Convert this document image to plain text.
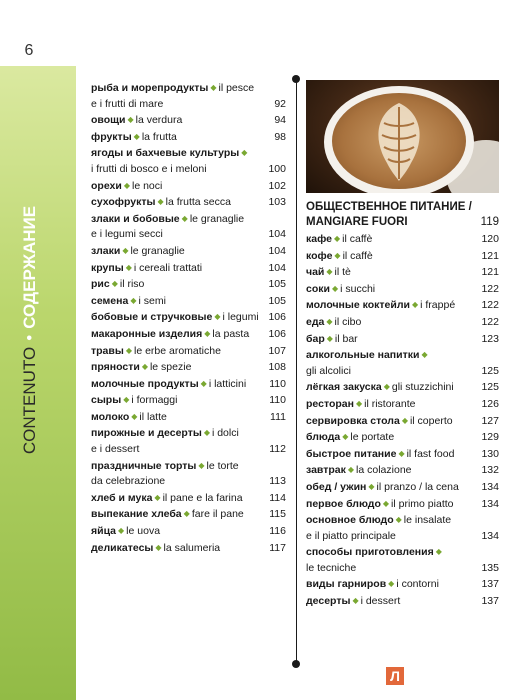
6
CONTENUTO•СОДЕРЖАНИЕ
рыба и морепродукты ◆ il pesce
e i frutti di mare	92
овощи ◆ la verdura	94
фрукты ◆ la frutta	98
ягоды и бахчевые культуры ◆
i frutti di bosco e i meloni	100
орехи ◆ le noci	102
сухофрукты ◆ la frutta secca	103
злаки и бобовые ◆ le granaglie
e i legumi secci	104
злаки ◆ le granaglie	104
крупы ◆ i cereali trattati	104
рис ◆ il riso	105
семена ◆ i semi	105
бобовые и стручковые ◆ i legumi 106
макаронные изделия ◆ la pasta	106
травы ◆ le erbe aromatiche	107
пряности ◆ le spezie	108
молочные продукты ◆ i latticini	110
сыры ◆ i formaggi	110
молоко ◆ il latte	111
пирожные и десерты ◆ i dolci
e i dessert	112
праздничные торты ◆ le torte
da celebrazione	113
хлеб и мука ◆ il pane e la farina	114
выпекание хлеба ◆ fare il pane	115
яйца ◆ le uova	116
деликатесы ◆ la salumeria	117
ОБЩЕСТВЕННОЕ ПИТАНИЕ /
MANGIARE FUORI	119
кафе ◆ il caffè	120
кофе ◆ il caffè	121
чай ◆ il tè	121
соки ◆ i succhi	122
молочные коктейли ◆ i frappé	122
еда ◆ il cibo	122
бар ◆ il bar	123
алкогольные напитки ◆
gli alcolici	125
лёгкая закуска ◆ gli stuzzichini	125
ресторан ◆ il ristorante	126
сервировка стола ◆ il coperto	127
блюда ◆ le portate	129
быстрое питание ◆ il fast food	130
завтрак ◆ la colazione	132
обед / ужин ◆ il pranzo / la cena	134
первое блюдо ◆ il primo piatto	134
основное блюдо ◆ le insalate
e il piatto principale	134
способы приготовления ◆
le tecniche	135
виды гарниров ◆ i contorni	137
десерты ◆ i dessert	137
Л
